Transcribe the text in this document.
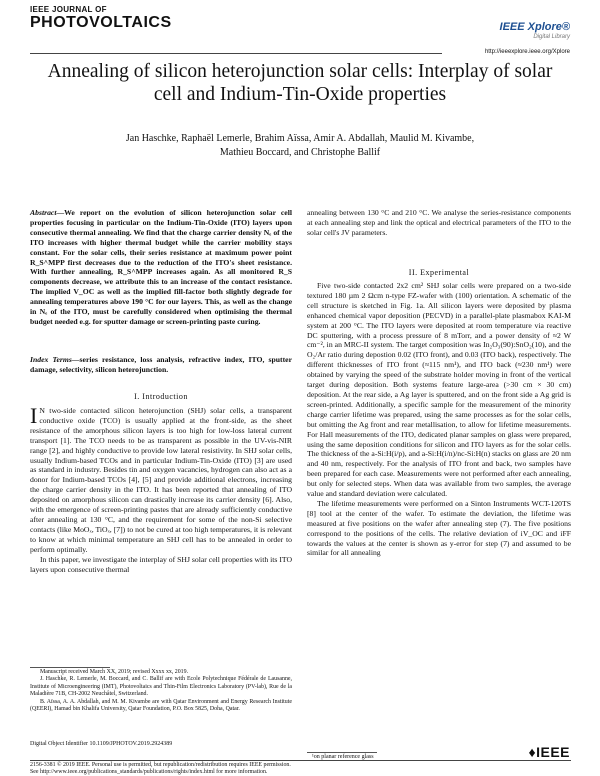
IEEE JOURNAL OF
PHOTOVOLTAICS	IEEE Xplore®
Digital Library
http://ieeexplore.ieee.org/Xplore
Annealing of silicon heterojunction solar cells: Interplay of solar cell and Indium-Tin-Oxide properties
Jan Haschke, Raphaël Lemerle, Brahim Aïssa, Amir A. Abdallah, Maulid M. Kivambe,
Mathieu Boccard, and Christophe Ballif
Abstract—We report on the evolution of silicon heterojunction solar cell properties focusing in particular on the Indium-Tin-Oxide (ITO) layers upon consecutive thermal annealing. We find that the charge carrier density Nₑ of the ITO increases with higher thermal budget while the carrier mobility stays constant. For the solar cells, their series resistance at maximum power point R_S^MPP first decreases due to the reduction of the ITO's sheet resistance. With further annealing, R_S^MPP increases again. As all monitored R_S components decrease, we attribute this to an increase of the contact resistance. The implied V_OC as well as the implied fill-factor both slightly degrade for annealing temperatures above 190 °C for our layers. This, as well as the change in Nₑ of the ITO, must be carefully considered when optimising the thermal budget needed e.g. for sputter damage or screen-printing paste curing.
Index Terms—series resistance, loss analysis, refractive index, ITO, sputter damage, selectivity, silicon heterojunction.
I. Introduction
I N two-side contacted silicon heterojunction (SHJ) solar cells, a transparent conductive oxide (TCO) is usually applied at the front-side, as the sheet resistance of the amorphous silicon layers is too high for low-loss lateral current transport [1]. The TCO needs to be as transparent as possible in the UV-vis-NIR range [2], and highly conductive to provide low lateral resistivity. In SHJ solar cells, usually Indium-based TCOs and in particular Indium-Tin-Oxide (ITO) [3] are used as standard in industry. Besides tin and oxygen vacancies, hydrogen can also act as a donor for Indium-based TCOs [4], [5] and provide additional electrons, increasing the charge carrier density in the ITO. It has been reported that annealing of ITO deposited on amorphous silicon can drastically increase its carrier density [6]. Also, with the emergence of screen-printing pastes that are already sufficiently conductive after annealing at 130 °C, and the requirement for some of the non-Si selective contacts (like MoOₓ, TiOₓ, [7]) to not be cured at too high temperatures, it is relevant to know at which minimal temperature an SHJ cell has to be annealed in order to perform optimally.
In this paper, we investigate the interplay of SHJ solar cell properties with its ITO layers upon consecutive thermal
Manuscript received March XX, 2019; revised Xxxx xx, 2019.
J. Haschke, R. Lemerle, M. Boccard, and C. Ballif are with Ecole Polytechnique Fédérale de Lausanne, Institute of Microengineering (IMT), Photovoltaics and Thin-Film Electronics Laboratory (PV-lab), Rue de la Maladière 71B, CH-2002 Neuchâtel, Switzerland.
B. Aïssa, A. A. Abdallah, and M. M. Kivambe are with Qatar Environment and Energy Research Institute (QEERI), Hamad bin Khalifa University, Qatar Foundation, P.O. Box 5825, Doha, Qatar.
Digital Object Identifier 10.1109/JPHOTOV.2019.2924389
annealing between 130 °C and 210 °C. We analyse the series-resistance components at each annealing step and link the optical and electrical parameters of the ITO to the solar cell's JV parameters.
II. Experimental
Five two-side contacted 2x2 cm² SHJ solar cells were prepared on a two-side textured 180 µm 2 Ωcm n-type FZ-wafer with (100) orientation. A schematic of the cell structure is sketched in Fig. 1a. All silicon layers were deposited by plasma enhanced chemical vapor deposition (PECVD) in a parallel-plate plasmabox KAI-M system at 200 °C. The ITO layers were deposited at room temperature via reactive DC sputtering, with a process pressure of 8 mTorr, and a power density of ≈2 W cm⁻², in an MRC-II system. The target composition was In₂O₃(90):SnO₂(10), and the O₂/Ar ratio during depostion 0.02 (ITO front), and 0.03 (ITO back), respectively. The different thicknesses of ITO front (≈115 nm¹), and ITO back (≈230 nm¹) were obtained by varying the speed of the substrate holder moving in front of the vertical target during deposition. Both systems feature large-area (>30 cm × 30 cm) deposition. At the rear side, a Ag layer is sputtered, and on the front side a Ag grid is screen-printed. Additionally, a specific sample for the measurement of the minority charge carrier lifetime was prepared, using the same processes as for the solar cells, but omitting the Ag front and rear metallisation, to allow for lifetime measurements. For Hall measurements of the ITO, dedicated planar samples on glass were prepared, using the same deposition conditions for silicon and ITO layers as for the solar cells. The thickness of the a-Si:H(i/p), and a-Si:H(i/n)/nc-Si:H(n) stacks on glass are 20 nm and 40 nm, respectively. For the analysis of ITO front and back, two samples have been prepared for each case. Measurements were not performed after each annealing, but only for selected steps. When data was available from two samples, the average value and standard deviation were calculated.
The lifetime measurements were performed on a Sinton Instruments WCT-120TS [8] tool at the center of the wafer. To estimate the deviation, the lifetime was measured at five positions on the wafer after annealing step (7). The five positions correspond to the positions of the cells. The relative deviation of iV_OC and iFF towards the values at the center is shown as y-error for step (7) and assumed to be similar for all annealing
¹on planar reference glass
2156-3381 © 2019 IEEE. Personal use is permitted, but republication/redistribution requires IEEE permission.
See http://www.ieee.org/publications_standards/publications/rights/index.html for more information.
♦IEEE
